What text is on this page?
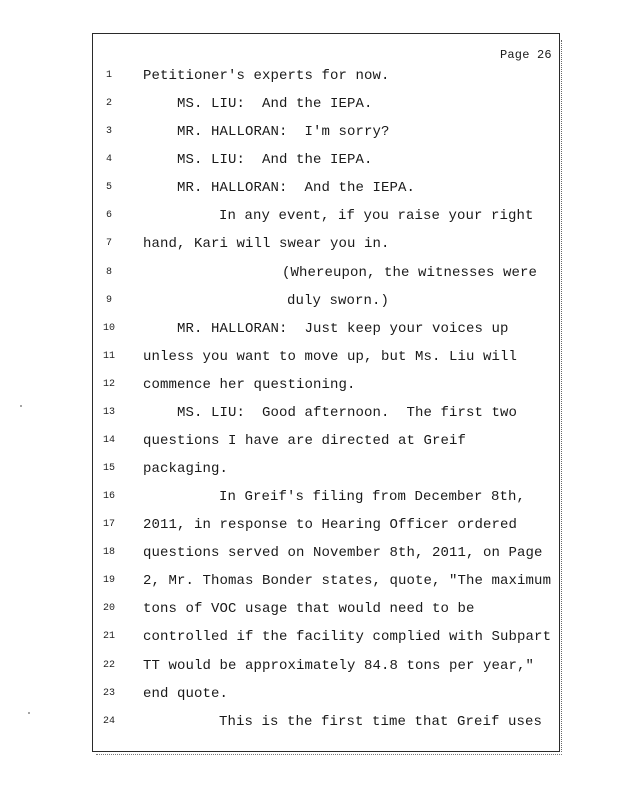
Page 26
1
2
3
4
5
6
7
8
9
10
11
12
13
14
15
16
17
18
19
20
21
22
23
24
Petitioner's experts for now.
MS. LIU:  And the IEPA.
MR. HALLORAN:  I'm sorry?
MS. LIU:  And the IEPA.
MR. HALLORAN:  And the IEPA.
In any event, if you raise your right
hand, Kari will swear you in.
(Whereupon, the witnesses were
duly sworn.)
MR. HALLORAN:  Just keep your voices up
unless you want to move up, but Ms. Liu will
commence her questioning.
MS. LIU:  Good afternoon.  The first two
questions I have are directed at Greif
packaging.
In Greif's filing from December 8th,
2011, in response to Hearing Officer ordered
questions served on November 8th, 2011, on Page
2, Mr. Thomas Bonder states, quote, "The maximum
tons of VOC usage that would need to be
controlled if the facility complied with Subpart
TT would be approximately 84.8 tons per year,"
end quote.
This is the first time that Greif uses
